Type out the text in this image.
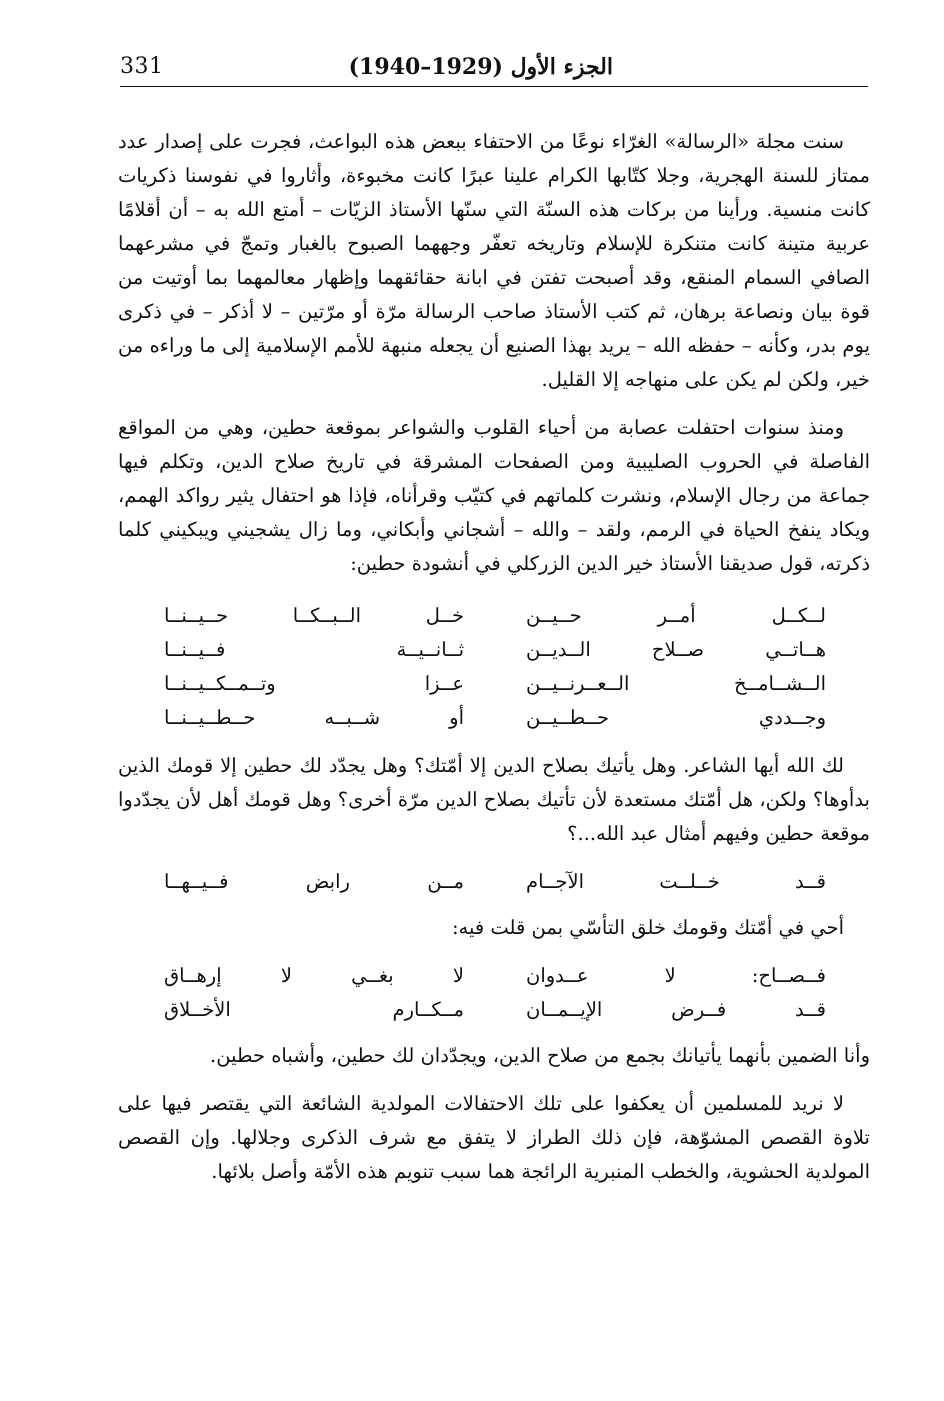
331	الجزء الأول (1929–1940)

سنت مجلة «الرسالة» الغرّاء نوعًا من الاحتفاء ببعض هذه البواعث، فجرت على إصدار عدد ممتاز للسنة الهجرية، وجلا كتّابها الكرام علينا عبرًا كانت مخبوءة، وأثاروا في نفوسنا ذكريات كانت منسية. ورأينا من بركات هذه السنّة التي سنّها الأستاذ الزيّات – أمتع الله به – أن أقلامًا عربية متينة كانت متنكرة للإسلام وتاريخه تعفّر وجههما الصبوح بالغبار وتمجّ في مشرعهما الصافي السمام المنقع، وقد أصبحت تفتن في ابانة حقائقهما وإظهار معالمهما بما أوتيت من قوة بيان ونصاعة برهان، ثم كتب الأستاذ صاحب الرسالة مرّة أو مرّتين – لا أذكر – في ذكرى يوم بدر، وكأنه – حفظه الله – يريد بهذا الصنيع أن يجعله منبهة للأمم الإسلامية إلى ما وراءه من خير، ولكن لم يكن على منهاجه إلا القليل.

ومنذ سنوات احتفلت عصابة من أحياء القلوب والشواعر بموقعة حطين، وهي من المواقع الفاصلة في الحروب الصليبية ومن الصفحات المشرقة في تاريخ صلاح الدين، وتكلم فيها جماعة من رجال الإسلام، ونشرت كلماتهم في كتيّب وقرأناه، فإذا هو احتفال يثير رواكد الهمم، ويكاد ينفخ الحياة في الرمم، ولقد – والله – أشجاني وأبكاني، وما زال يشجيني ويبكيني كلما ذكرته، قول صديقنا الأستاذ خير الدين الزركلي في أنشودة حطين:

لــكــل
أمــر
حــيــن
خــل
الــبــكــا
حــيــنــا
هــاتــي
صــلاح
الــديــن
ثــانــيــة
فــيــنــا
الــشــامــخ
الــعــرنــيــن
عــزا
وتــمــكــيــنــا
وجــددي
حــطــيــن
أو
شــبــه
حــطــيــنــا

لك الله أيها الشاعر. وهل يأتيك بصلاح الدين إلا أمّتك؟ وهل يجدّد لك حطين إلا قومك الذين بدأوها؟ ولكن، هل أمّتك مستعدة لأن تأتيك بصلاح الدين مرّة أخرى؟ وهل قومك أهل لأن يجدّدوا موقعة حطين وفيهم أمثال عبد الله...؟

قــد
خــلــت
الآجــام
مــن
رابض
فــيــهــا

أحي في أمّتك وقومك خلق التأسّي بمن قلت فيه:

فــصــاح:
لا
عــدوان
لا
بغــي
لا
إرهــاق
قــد
فــرض
الإيــمــان
مــكــارم
الأخــلاق

وأنا الضمين بأنهما يأتيانك بجمع من صلاح الدين، ويجدّدان لك حطين، وأشباه حطين.

لا نريد للمسلمين أن يعكفوا على تلك الاحتفالات المولدية الشائعة التي يقتصر فيها على تلاوة القصص المشوّهة، فإن ذلك الطراز لا يتفق مع شرف الذكرى وجلالها. وإن القصص المولدية الحشوية، والخطب المنبرية الرائجة هما سبب تنويم هذه الأمّة وأصل بلائها.
